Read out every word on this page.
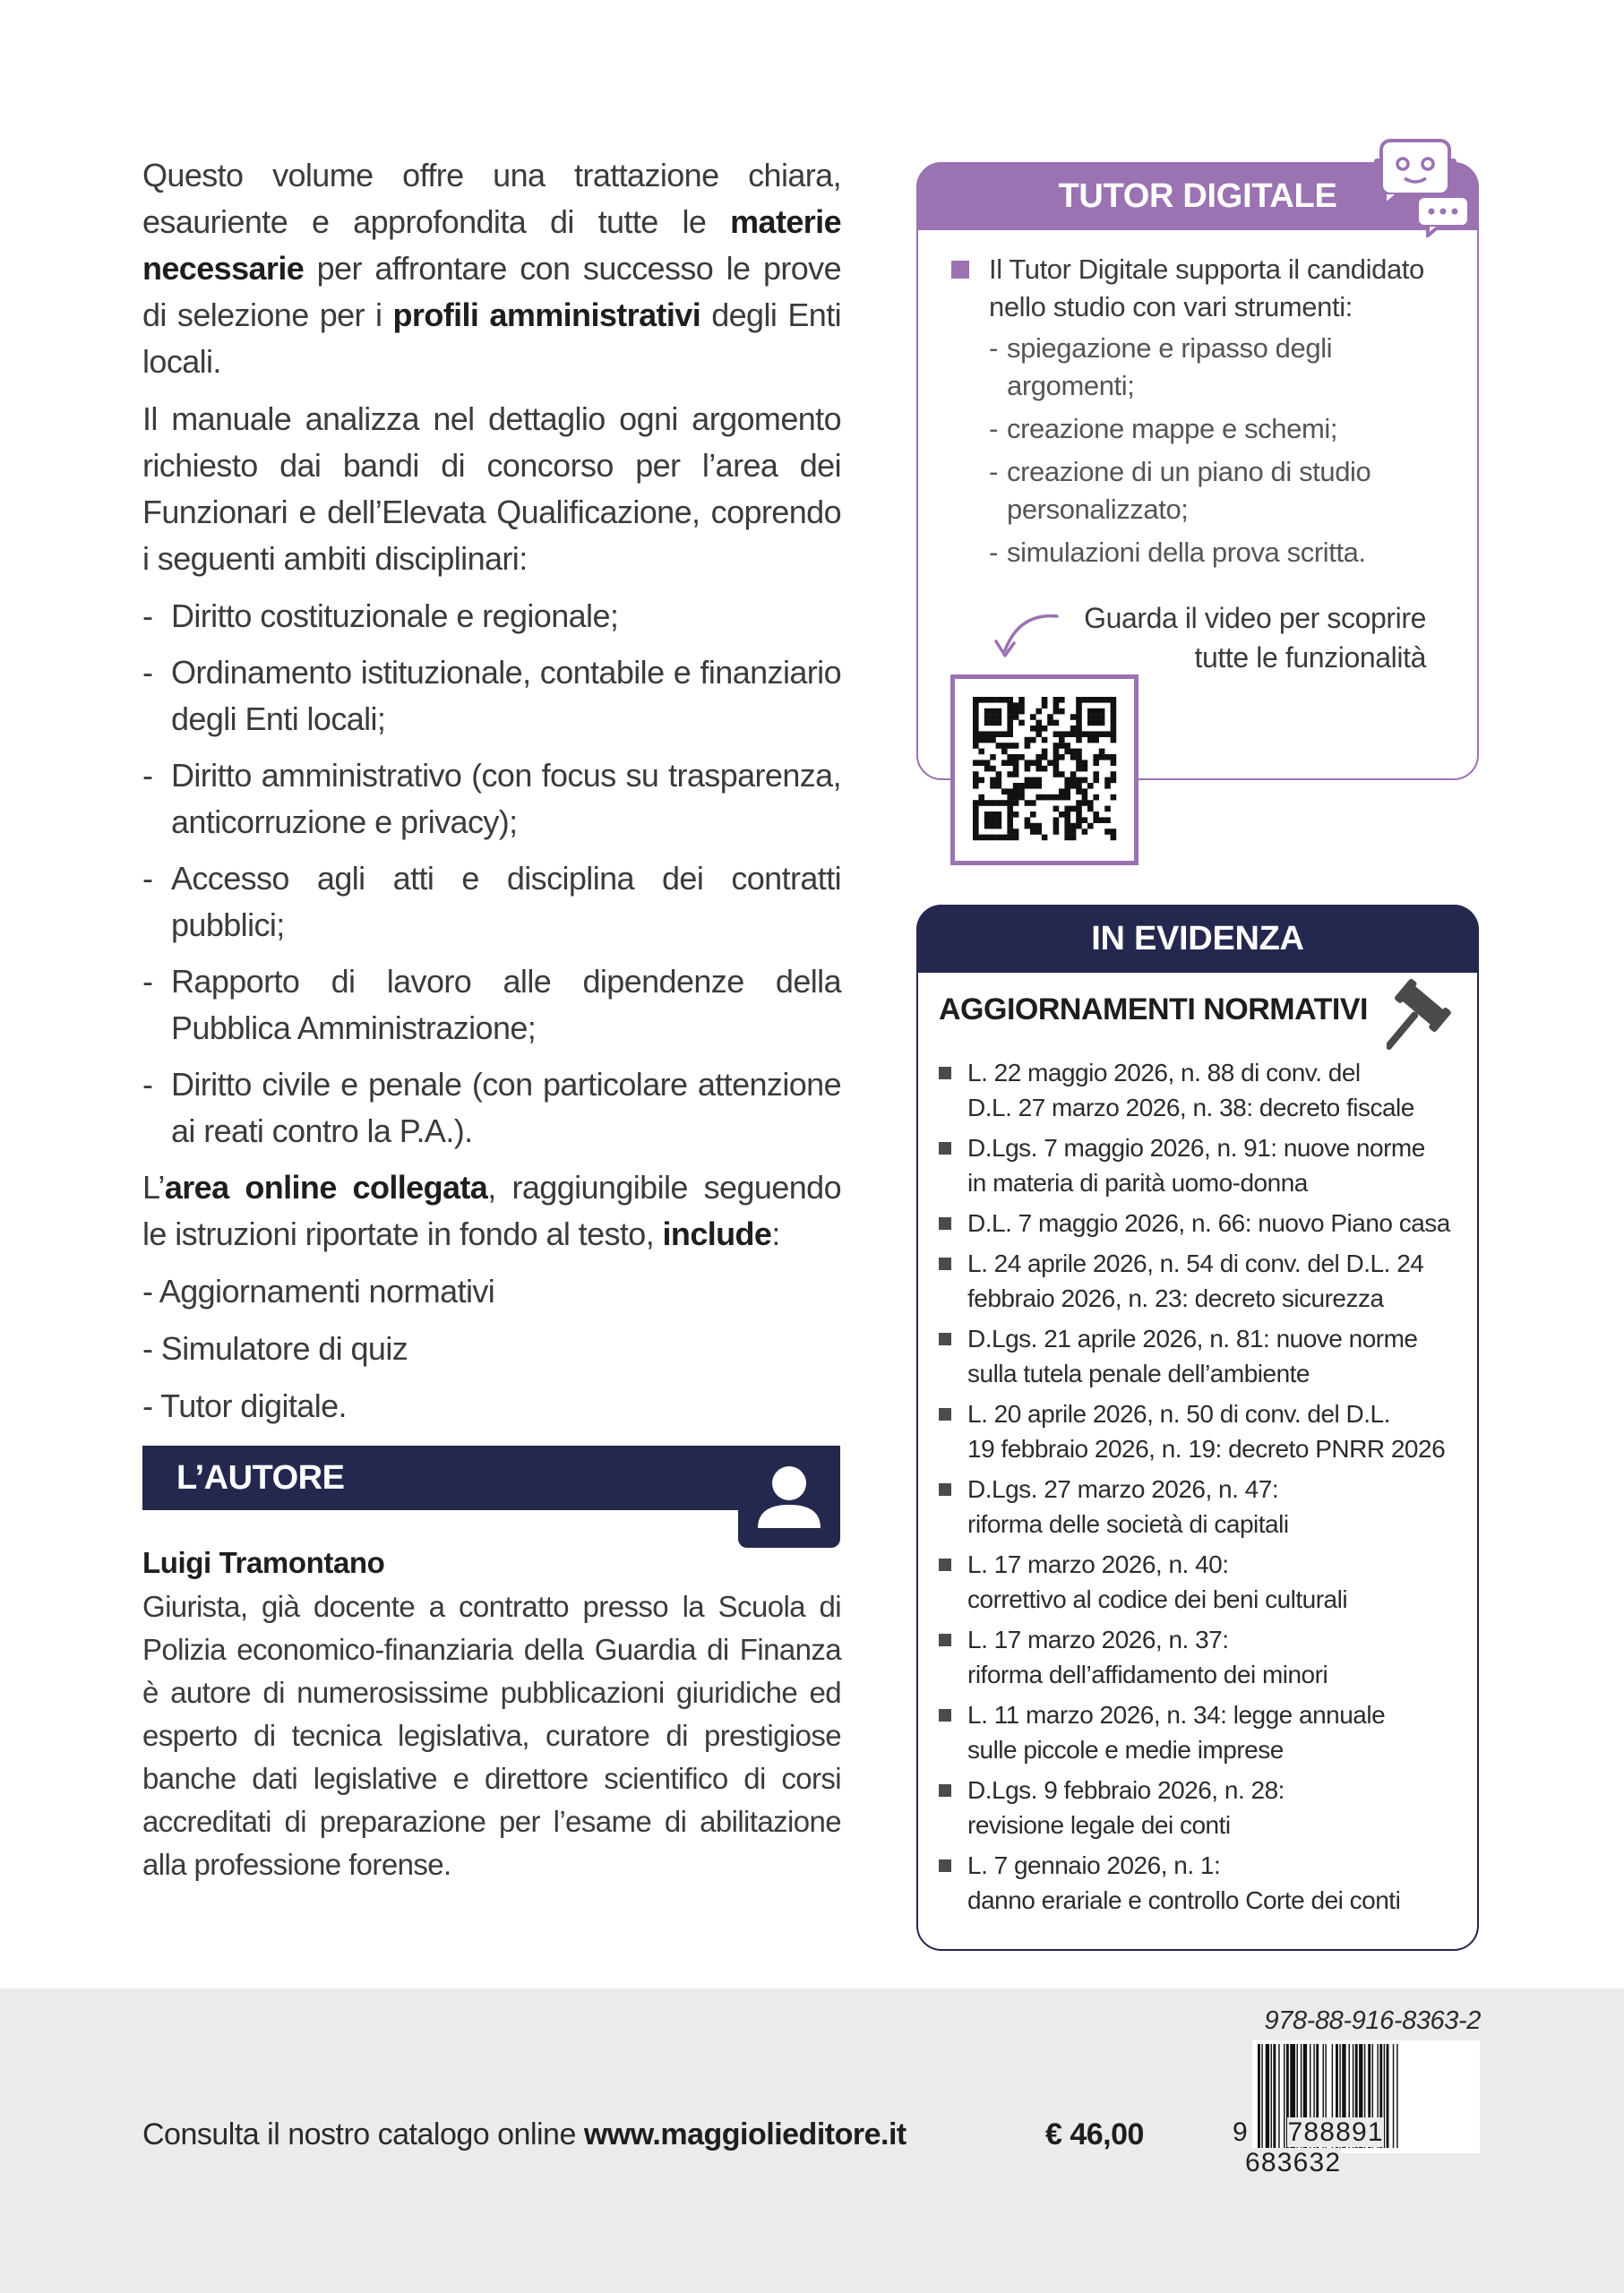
Questo volume offre una trattazione chiara, esauriente e approfondita di tutte le materie necessarie per affrontare con successo le prove di selezione per i profili amministrativi degli Enti locali.

Il manuale analizza nel dettaglio ogni argomento richiesto dai bandi di concorso per l’area dei Funzionari e dell’Elevata Qualificazione, coprendo i seguenti ambiti disciplinari:

- Diritto costituzionale e regionale;
- Ordinamento istituzionale, contabile e finanziario degli Enti locali;
- Diritto amministrativo (con focus su trasparenza, anticorruzione e privacy);
- Accesso agli atti e disciplina dei contratti pubblici;
- Rapporto di lavoro alle dipendenze della Pubblica Amministrazione;
- Diritto civile e penale (con particolare attenzione ai reati contro la P.A.).

L’area online collegata, raggiungibile seguendo le istruzioni riportate in fondo al testo, include:

- Aggiornamenti normativi
- Simulatore di quiz
- Tutor digitale.
L’AUTORE
Luigi Tramontano
Giurista, già docente a contratto presso la Scuola di Polizia economico-finanziaria della Guardia di Finanza è autore di numerosissime pubblicazioni giuridiche ed esperto di tecnica legislativa, curatore di prestigiose banche dati legislative e direttore scientifico di corsi accreditati di preparazione per l’esame di abilitazione alla professione forense.
TUTOR DIGITALE
Il Tutor Digitale supporta il candidato nello studio con vari strumenti:
- spiegazione e ripasso degli argomenti;
- creazione mappe e schemi;
- creazione di un piano di studio personalizzato;
- simulazioni della prova scritta.
Guarda il video per scoprire
tutte le funzionalità
IN EVIDENZA
AGGIORNAMENTI NORMATIVI
L. 22 maggio 2026, n. 88 di conv. del
D.L. 27 marzo 2026, n. 38: decreto fiscale
D.Lgs. 7 maggio 2026, n. 91: nuove norme
in materia di parità uomo-donna
D.L. 7 maggio 2026, n. 66: nuovo Piano casa
L. 24 aprile 2026, n. 54 di conv. del D.L. 24
febbraio 2026, n. 23: decreto sicurezza
D.Lgs. 21 aprile 2026, n. 81: nuove norme
sulla tutela penale dell’ambiente
L. 20 aprile 2026, n. 50 di conv. del D.L.
19 febbraio 2026, n. 19: decreto PNRR 2026
D.Lgs. 27 marzo 2026, n. 47:
riforma delle società di capitali
L. 17 marzo 2026, n. 40:
correttivo al codice dei beni culturali
L. 17 marzo 2026, n. 37:
riforma dell’affidamento dei minori
L. 11 marzo 2026, n. 34: legge annuale
sulle piccole e medie imprese
D.Lgs. 9 febbraio 2026, n. 28:
revisione legale dei conti
L. 7 gennaio 2026, n. 1:
danno erariale e controllo Corte dei conti
Consulta il nostro catalogo online www.maggiolieditore.it	€ 46,00
978-88-916-8363-2
9 788891 683632
